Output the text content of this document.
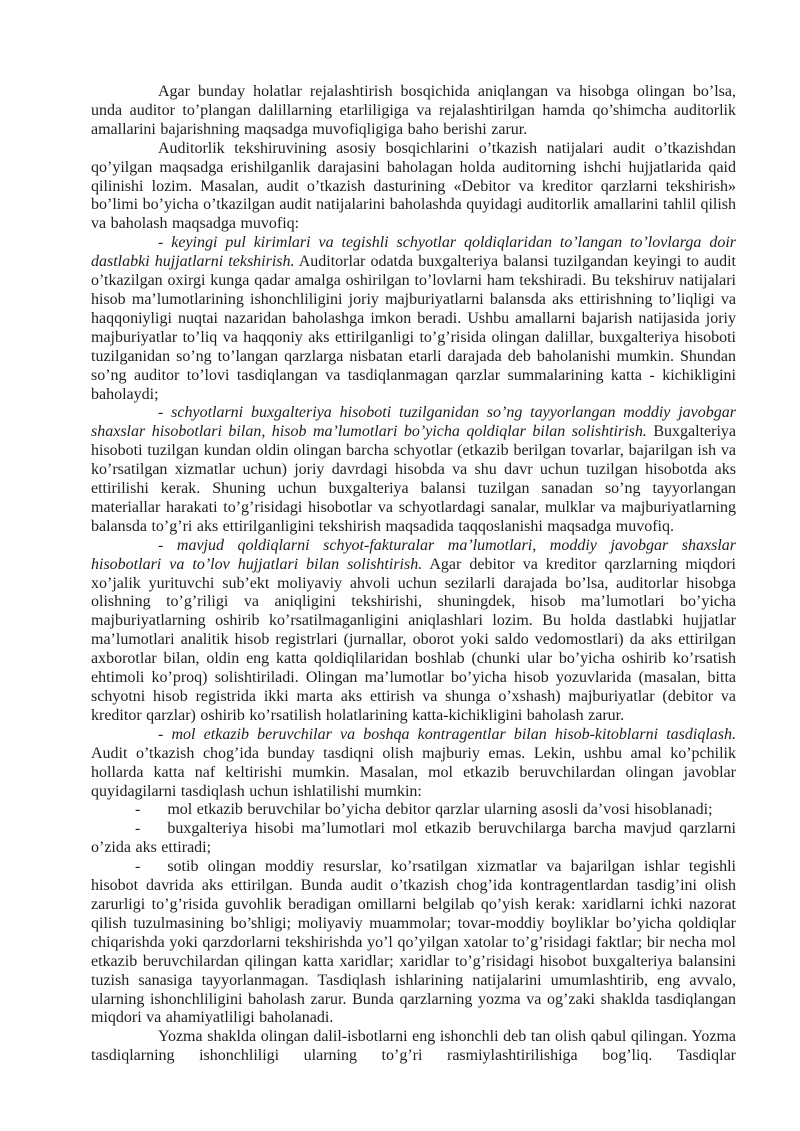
Agar bunday holatlar rejalashtirish bosqichida aniqlangan va hisobga olingan bo’lsa, unda auditor to’plangan dalillarning etarliligiga va rejalashtirilgan hamda qo’shimcha auditorlik amallarini bajarishning maqsadga muvofiqligiga baho berishi zarur.

Auditorlik tekshiruvining asosiy bosqichlarini o’tkazish natijalari audit o’tkazishdan qo’yilgan maqsadga erishilganlik darajasini baholagan holda auditorning ishchi hujjatlarida qaid qilinishi lozim. Masalan, audit o’tkazish dasturining «Debitor va kreditor qarzlarni tekshirish» bo’limi bo’yicha o’tkazilgan audit natijalarini baholashda quyidagi auditorlik amallarini tahlil qilish va baholash maqsadga muvofiq:

- keyingi pul kirimlari va tegishli schyotlar qoldiqlaridan to’langan to’lovlarga doir dastlabki hujjatlarni tekshirish. Auditorlar odatda buxgalteriya balansi tuzilgandan keyingi to audit o’tkazilgan oxirgi kunga qadar amalga oshirilgan to’lovlarni ham tekshiradi. Bu tekshiruv natijalari hisob ma’lumotlarining ishonchliligini joriy majburiyatlarni balansda aks ettirishning to’liqligi va haqqoniyligi nuqtai nazaridan baholashga imkon beradi. Ushbu amallarni bajarish natijasida joriy majburiyatlar to’liq va haqqoniy aks ettirilganligi to’g’risida olingan dalillar, buxgalteriya hisoboti tuzilganidan so’ng to’langan qarzlarga nisbatan etarli darajada deb baholanishi mumkin. Shundan so’ng auditor to’lovi tasdiqlangan va tasdiqlanmagan qarzlar summalarining katta - kichikligini baholaydi;

- schyotlarni buxgalteriya hisoboti tuzilganidan so’ng tayyorlangan moddiy javobgar shaxslar hisobotlari bilan, hisob ma’lumotlari bo’yicha qoldiqlar bilan solishtirish. Buxgalteriya hisoboti tuzilgan kundan oldin olingan barcha schyotlar (etkazib berilgan tovarlar, bajarilgan ish va ko’rsatilgan xizmatlar uchun) joriy davrdagi hisobda va shu davr uchun tuzilgan hisobotda aks ettirilishi kerak. Shuning uchun buxgalteriya balansi tuzilgan sanadan so’ng tayyorlangan materiallar harakati to’g’risidagi hisobotlar va schyotlardagi sanalar, mulklar va majburiyatlarning balansda to’g’ri aks ettirilganligini tekshirish maqsadida taqqoslanishi maqsadga muvofiq.

- mavjud qoldiqlarni schyot-fakturalar ma’lumotlari, moddiy javobgar shaxslar hisobotlari va to’lov hujjatlari bilan solishtirish. Agar debitor va kreditor qarzlarning miqdori xo’jalik yurituvchi sub’ekt moliyaviy ahvoli uchun sezilarli darajada bo’lsa, auditorlar hisobga olishning to’g’riligi va aniqligini tekshirishi, shuningdek, hisob ma’lumotlari bo’yicha majburiyatlarning oshirib ko’rsatilmaganligini aniqlashlari lozim. Bu holda dastlabki hujjatlar ma’lumotlari analitik hisob registrlari (jurnallar, oborot yoki saldo vedomostlari) da aks ettirilgan axborotlar bilan, oldin eng katta qoldiqlilaridan boshlab (chunki ular bo’yicha oshirib ko’rsatish ehtimoli ko’proq) solishtiriladi. Olingan ma’lumotlar bo’yicha hisob yozuvlarida (masalan, bitta schyotni hisob registrida ikki marta aks ettirish va shunga o’xshash) majburiyatlar (debitor va kreditor qarzlar) oshirib ko’rsatilish holatlarining katta-kichikligini baholash zarur.

- mol etkazib beruvchilar va boshqa kontragentlar bilan hisob-kitoblarni tasdiqlash. Audit o’tkazish chog’ida bunday tasdiqni olish majburiy emas. Lekin, ushbu amal ko’pchilik hollarda katta naf keltirishi mumkin. Masalan, mol etkazib beruvchilardan olingan javoblar quyidagilarni tasdiqlash uchun ishlatilishi mumkin:

- mol etkazib beruvchilar bo’yicha debitor qarzlar ularning asosli da’vosi hisoblanadi;

- buxgalteriya hisobi ma’lumotlari mol etkazib beruvchilarga barcha mavjud qarzlarni o’zida aks ettiradi;

- sotib olingan moddiy resurslar, ko’rsatilgan xizmatlar va bajarilgan ishlar tegishli hisobot davrida aks ettirilgan. Bunda audit o’tkazish chog’ida kontragentlardan tasdig’ini olish zarurligi to’g’risida guvohlik beradigan omillarni belgilab qo’yish kerak: xaridlarni ichki nazorat qilish tuzulmasining bo’shligi; moliyaviy muammolar; tovar-moddiy boyliklar bo’yicha qoldiqlar chiqarishda yoki qarzdorlarni tekshirishda yo’l qo’yilgan xatolar to’g’risidagi faktlar; bir necha mol etkazib beruvchilardan qilingan katta xaridlar; xaridlar to’g’risidagi hisobot buxgalteriya balansini tuzish sanasiga tayyorlanmagan. Tasdiqlash ishlarining natijalarini umumlashtirib, eng avvalo, ularning ishonchliligini baholash zarur. Bunda qarzlarning yozma va og’zaki shaklda tasdiqlangan miqdori va ahamiyatliligi baholanadi.

Yozma shaklda olingan dalil-isbotlarni eng ishonchli deb tan olish qabul qilingan. Yozma tasdiqlarning ishonchliligi ularning to’g’ri rasmiylashtirilishiga bog’liq. Tasdiqlar
